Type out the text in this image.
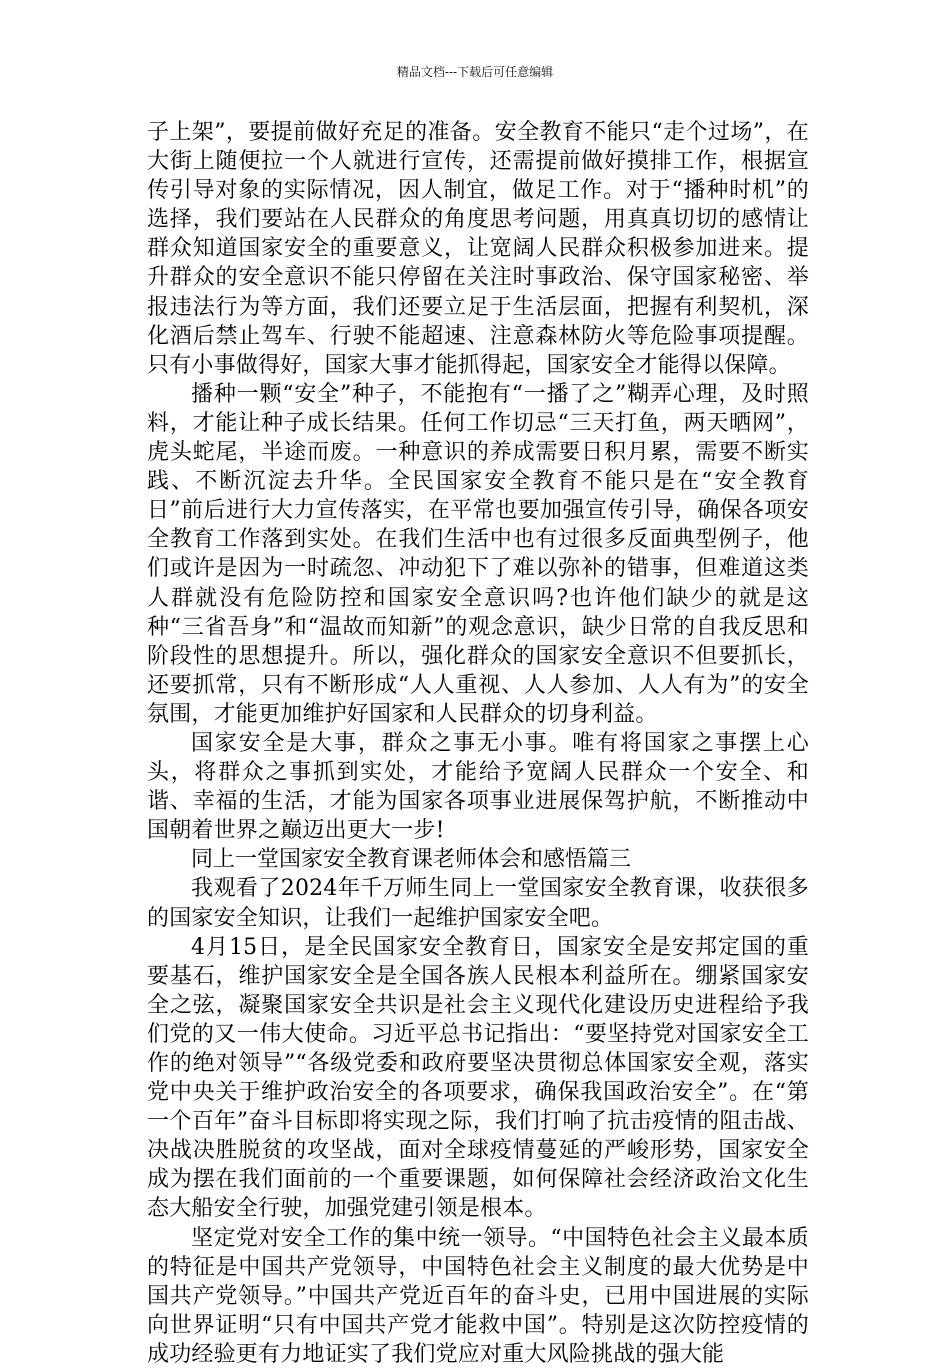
精品文档---下载后可任意编辑

子上架”，要提前做好充足的准备。安全教育不能只“走个过场”，在大街上随便拉一个人就进行宣传，还需提前做好摸排工作，根据宣传引导对象的实际情况，因人制宜，做足工作。对于“播种时机”的选择，我们要站在人民群众的角度思考问题，用真真切切的感情让群众知道国家安全的重要意义，让宽阔人民群众积极参加进来。提升群众的安全意识不能只停留在关注时事政治、保守国家秘密、举报违法行为等方面，我们还要立足于生活层面，把握有利契机，深化酒后禁止驾车、行驶不能超速、注意森林防火等危险事项提醒。只有小事做得好，国家大事才能抓得起，国家安全才能得以保障。

播种一颗“安全”种子，不能抱有“一播了之”糊弄心理，及时照料，才能让种子成长结果。任何工作切忌“三天打鱼，两天晒网”，虎头蛇尾，半途而废。一种意识的养成需要日积月累，需要不断实践、不断沉淀去升华。全民国家安全教育不能只是在“安全教育日”前后进行大力宣传落实，在平常也要加强宣传引导，确保各项安全教育工作落到实处。在我们生活中也有过很多反面典型例子，他们或许是因为一时疏忽、冲动犯下了难以弥补的错事，但难道这类人群就没有危险防控和国家安全意识吗?也许他们缺少的就是这种“三省吾身”和“温故而知新”的观念意识，缺少日常的自我反思和阶段性的思想提升。所以，强化群众的国家安全意识不但要抓长，还要抓常，只有不断形成“人人重视、人人参加、人人有为”的安全氛围，才能更加维护好国家和人民群众的切身利益。

国家安全是大事，群众之事无小事。唯有将国家之事摆上心头，将群众之事抓到实处，才能给予宽阔人民群众一个安全、和谐、幸福的生活，才能为国家各项事业进展保驾护航，不断推动中国朝着世界之巅迈出更大一步!

同上一堂国家安全教育课老师体会和感悟篇三

我观看了2024年千万师生同上一堂国家安全教育课，收获很多的国家安全知识，让我们一起维护国家安全吧。

4月15日，是全民国家安全教育日，国家安全是安邦定国的重要基石，维护国家安全是全国各族人民根本利益所在。绷紧国家安全之弦，凝聚国家安全共识是社会主义现代化建设历史进程给予我们党的又一伟大使命。习近平总书记指出：“要坚持党对国家安全工作的绝对领导”“各级党委和政府要坚决贯彻总体国家安全观，落实党中央关于维护政治安全的各项要求，确保我国政治安全”。在“第一个百年”奋斗目标即将实现之际，我们打响了抗击疫情的阻击战、决战决胜脱贫的攻坚战，面对全球疫情蔓延的严峻形势，国家安全成为摆在我们面前的一个重要课题，如何保障社会经济政治文化生态大船安全行驶，加强党建引领是根本。

坚定党对安全工作的集中统一领导。“中国特色社会主义最本质的特征是中国共产党领导，中国特色社会主义制度的最大优势是中国共产党领导。”中国共产党近百年的奋斗史，已用中国进展的实际向世界证明“只有中国共产党才能救中国”。特别是这次防控疫情的成功经验更有力地证实了我们党应对重大风险挑战的强大能
